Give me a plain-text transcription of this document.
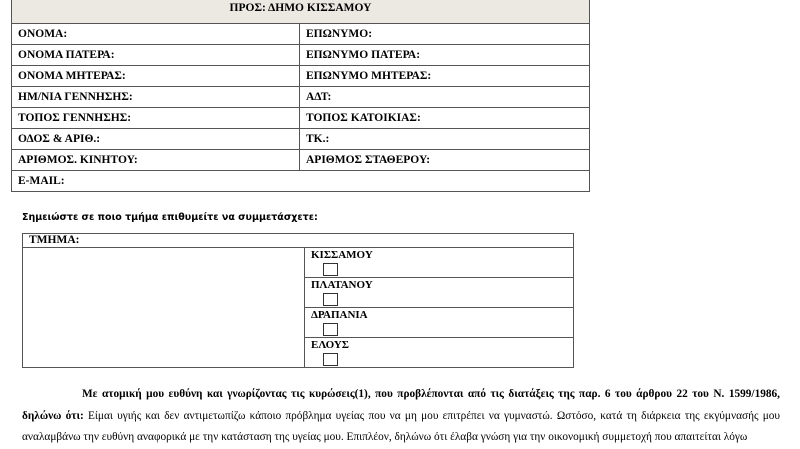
ΠΡΟΣ: ΔΗΜΟ ΚΙΣΣΑΜΟΥ	
ΟΝΟΜΑ:	ΕΠΩΝΥΜΟ:
ΟΝΟΜΑ ΠΑΤΕΡΑ:	ΕΠΩΝΥΜΟ ΠΑΤΕΡΑ:
ΟΝΟΜΑ ΜΗΤΕΡΑΣ:	ΕΠΩΝΥΜΟ ΜΗΤΕΡΑΣ:
ΗΜ/ΝΙΑ ΓΕΝΝΗΣΗΣ:	ΑΔΤ:
ΤΟΠΟΣ ΓΕΝΝΗΣΗΣ:	ΤΟΠΟΣ ΚΑΤΟΙΚΙΑΣ:
ΟΔΟΣ & ΑΡΙΘ.:	ΤΚ.:
ΑΡΙΘΜΟΣ. ΚΙΝΗΤΟΥ:	ΑΡΙΘΜΟΣ ΣΤΑΘΕΡΟΥ:
E-MAIL:	
Σημειώστε σε ποιο τμήμα επιθυμείτε να συμμετάσχετε:
ΤΜΗΜΑ:

ΚΙΣΣΑΜΟΥ

ΠΛΑΤΑΝΟΥ

ΔΡΑΠΑΝΙΑ

ΕΛΟΥΣ
Με ατομική μου ευθύνη και γνωρίζοντας τις κυρώσεις(1), που προβλέπονται από τις διατάξεις της παρ. 6 του άρθρου 22 του Ν. 1599/1986, δηλώνω ότι: Είμαι υγιής και δεν αντιμετωπίζω κάποιο πρόβλημα υγείας που να μη μου επιτρέπει να γυμναστώ. Ωστόσο, κατά τη διάρκεια της εκγύμνασής μου αναλαμβάνω την ευθύνη αναφορικά με την κατάσταση της υγείας μου. Επιπλέον, δηλώνω ότι έλαβα γνώση για την οικονομική συμμετοχή που απαιτείται λόγω
